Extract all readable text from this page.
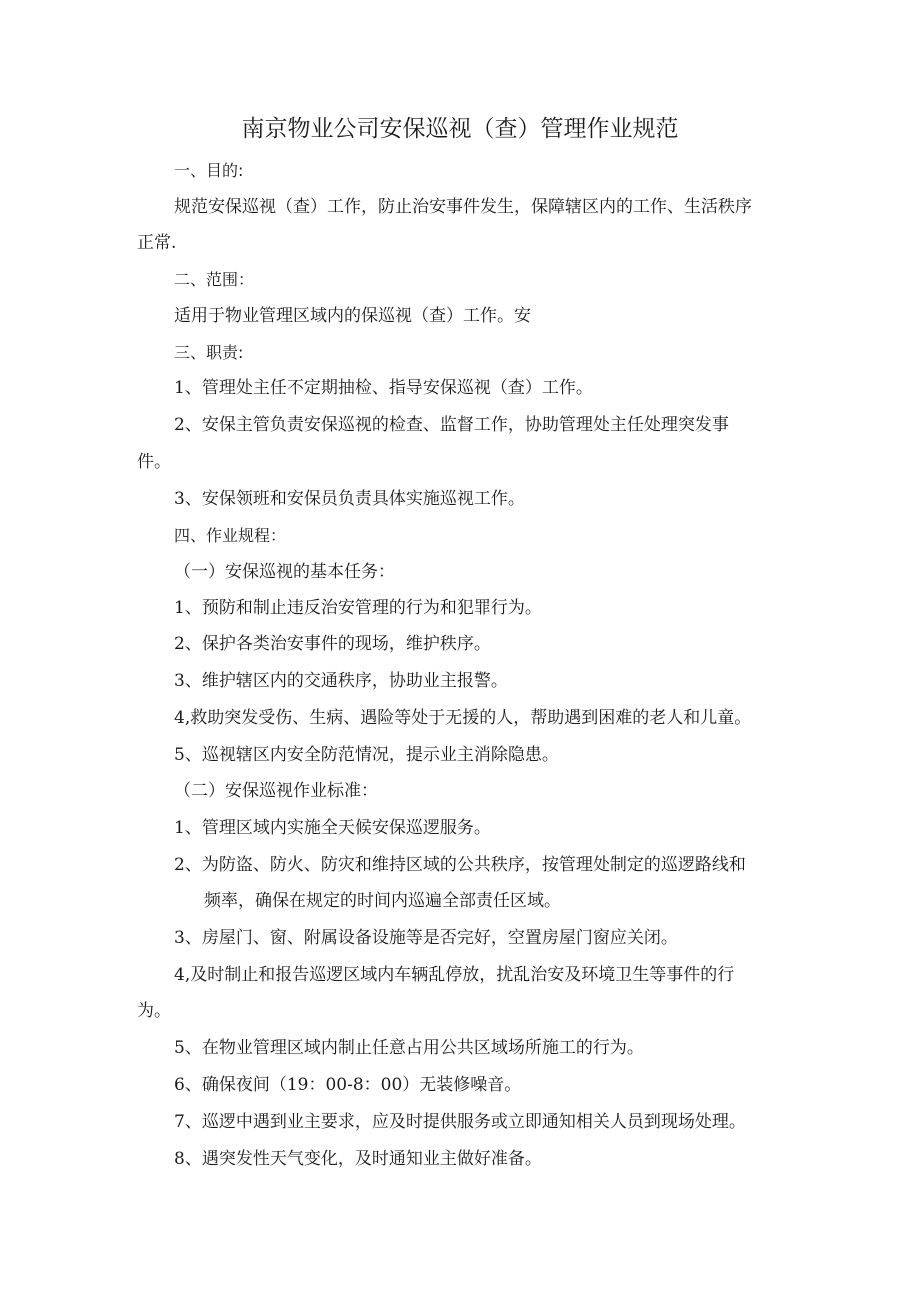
南京物业公司安保巡视（查）管理作业规范

一、目的:

规范安保巡视（查）工作，防止治安事件发生，保障辖区内的工作、生活秩序

正常.

二、范围：

适用于物业管理区域内的保巡视（查）工作。安

三、职责:

1、管理处主任不定期抽检、指导安保巡视（查）工作。

2、安保主管负责安保巡视的检查、监督工作，协助管理处主任处理突发事

件。

3、安保领班和安保员负责具体实施巡视工作。

四、作业规程：

（一）安保巡视的基本任务：

1、预防和制止违反治安管理的行为和犯罪行为。

2、保护各类治安事件的现场，维护秩序。

3、维护辖区内的交通秩序，协助业主报警。

4,救助突发受伤、生病、遇险等处于无援的人，帮助遇到困难的老人和儿童。

5、巡视辖区内安全防范情况，提示业主消除隐患。

（二）安保巡视作业标准：

1、管理区域内实施全天候安保巡逻服务。

2、为防盗、防火、防灾和维持区域的公共秩序，按管理处制定的巡逻路线和

频率，确保在规定的时间内巡遍全部责任区域。

3、房屋门、窗、附属设备设施等是否完好，空置房屋门窗应关闭。

4,及时制止和报告巡逻区域内车辆乱停放，扰乱治安及环境卫生等事件的行

为。

5、在物业管理区域内制止任意占用公共区域场所施工的行为。

6、确保夜间（19：00-8：00）无装修噪音。

7、巡逻中遇到业主要求，应及时提供服务或立即通知相关人员到现场处理。

8、遇突发性天气变化，及时通知业主做好准备。
